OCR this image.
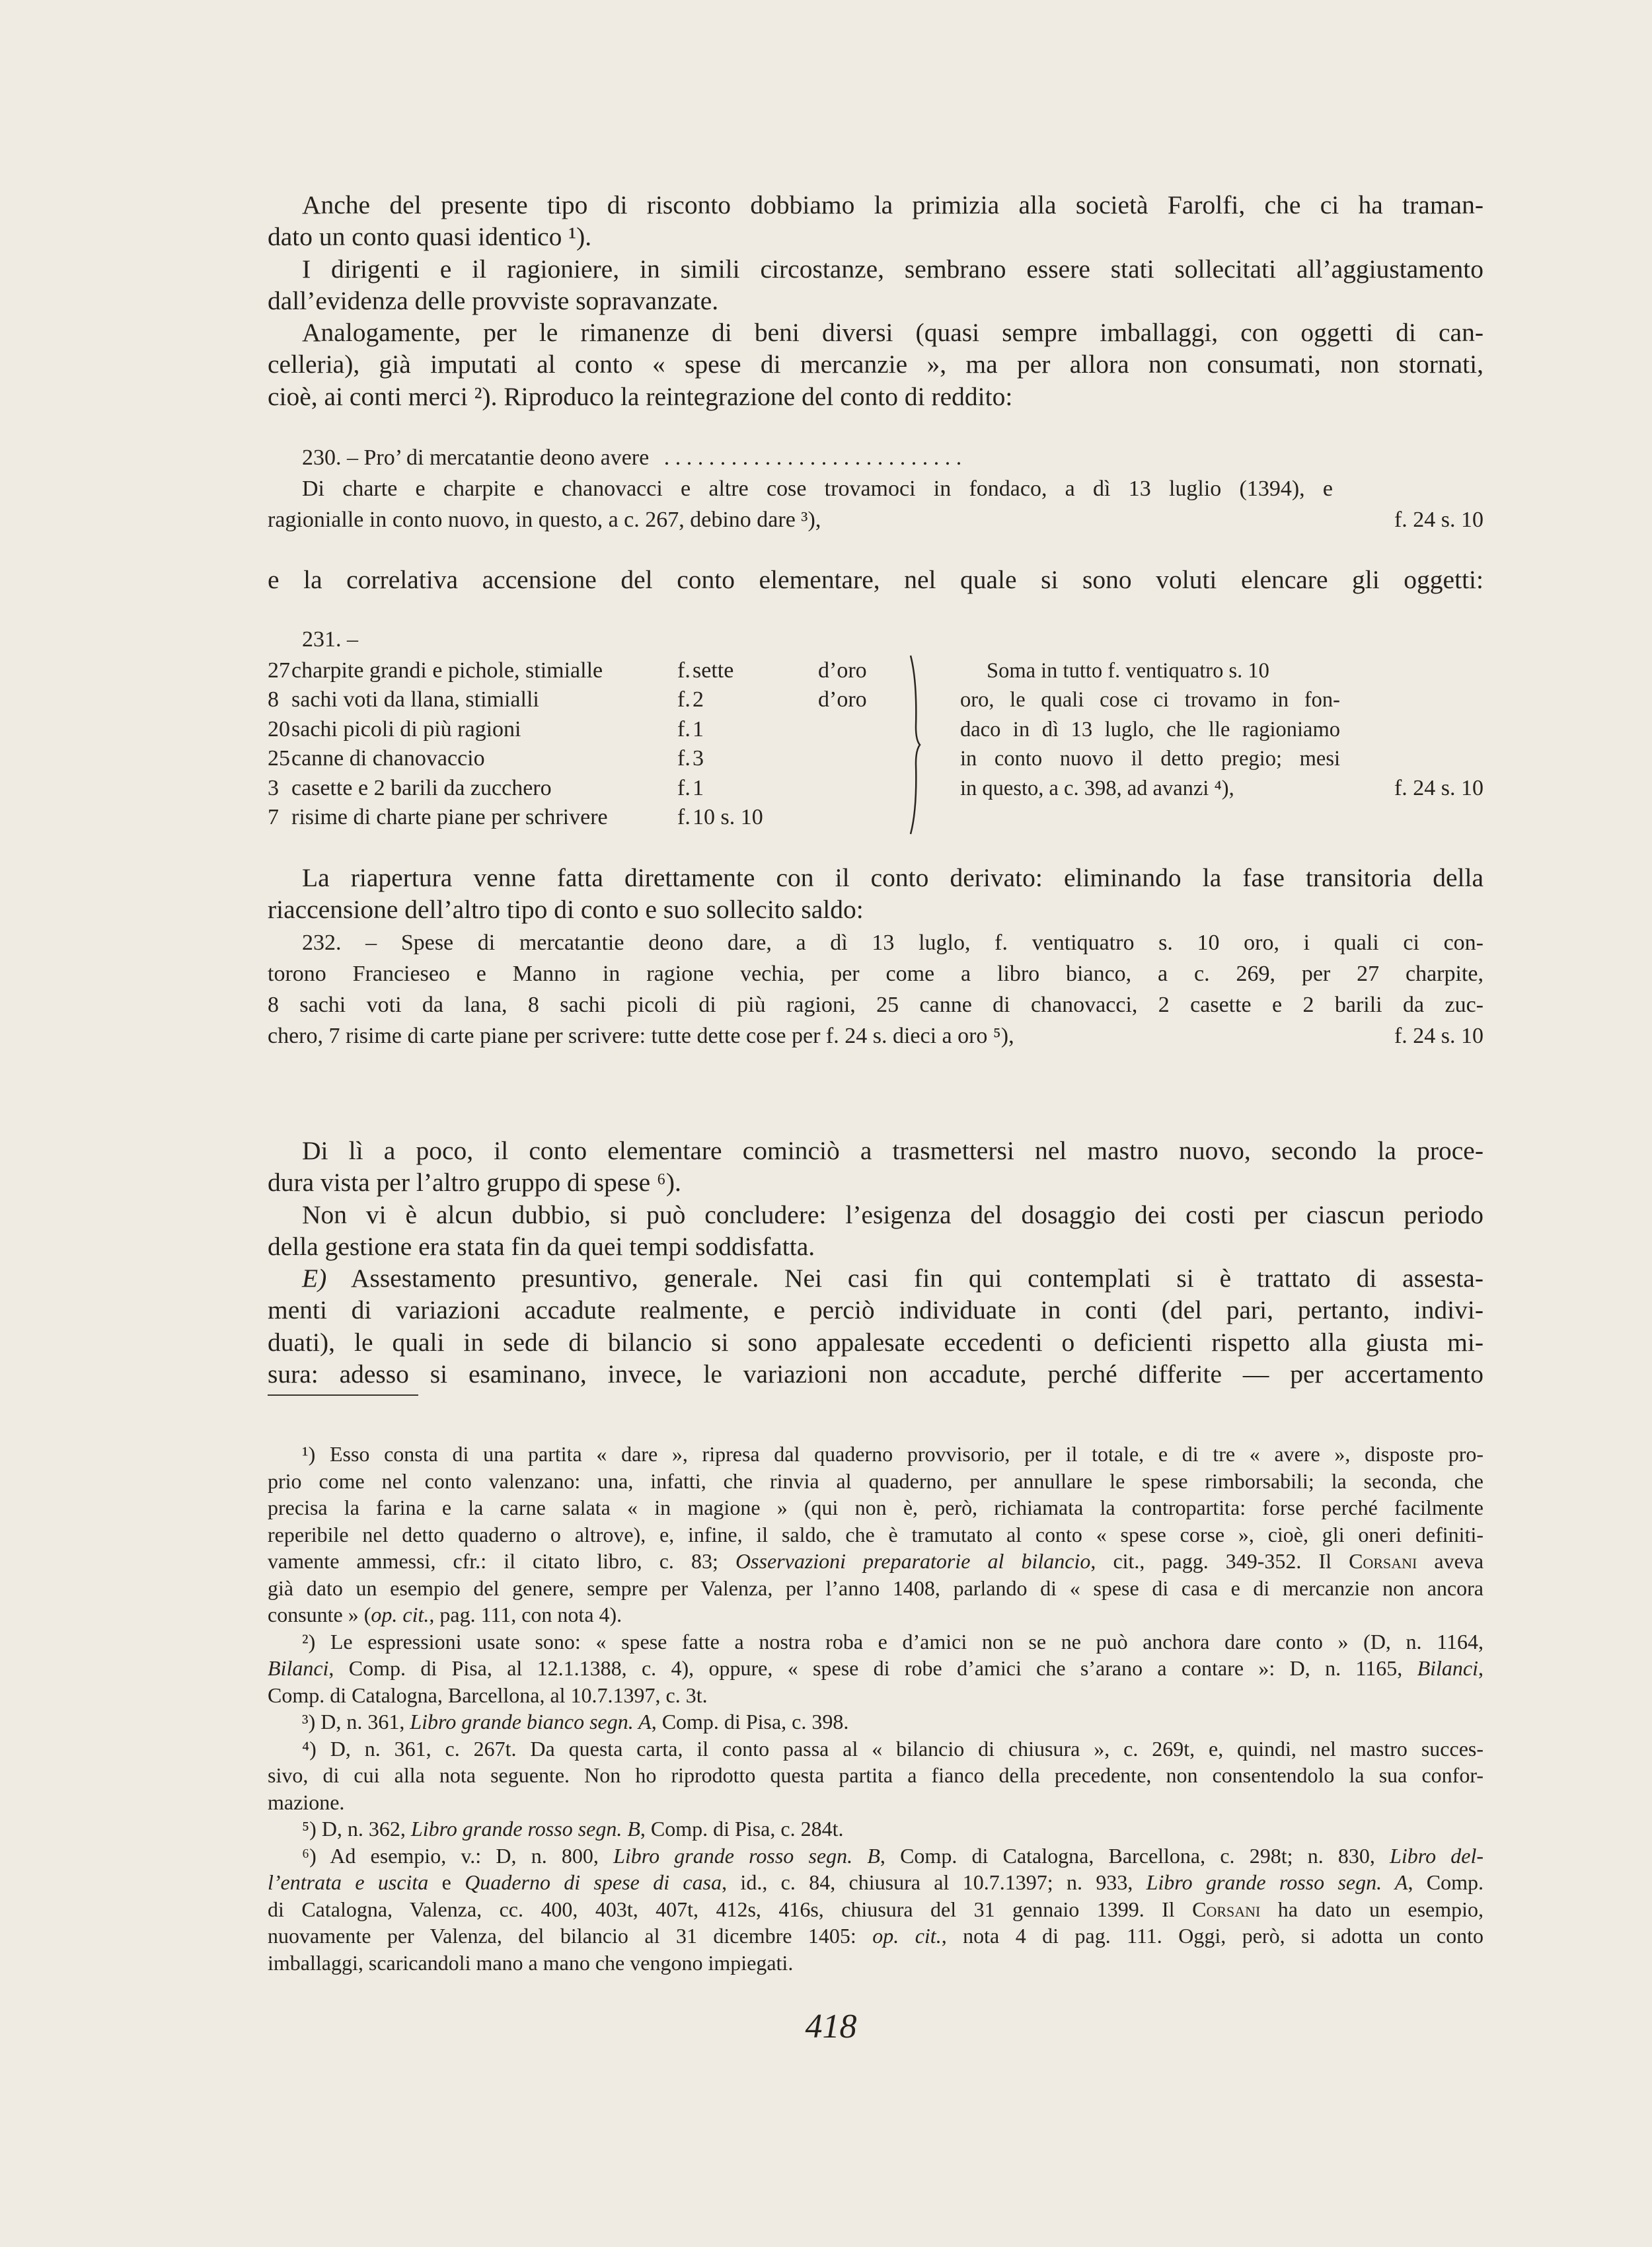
Anche del presente tipo di risconto dobbiamo la primizia alla società Farolfi, che ci ha traman-
dato un conto quasi identico ¹).
I dirigenti e il ragioniere, in simili circostanze, sembrano essere stati sollecitati all’aggiustamento
dall’evidenza delle provviste sopravanzate.
Analogamente, per le rimanenze di beni diversi (quasi sempre imballaggi, con oggetti di can-
celleria), già imputati al conto « spese di mercanzie », ma per allora non consumati, non stornati,
cioè, ai conti merci ²). Riproduco la reintegrazione del conto di reddito:
230. – Pro’ di mercatantie deono avere . . . . . . . . . . . . . . . . . . . . . . . . . . .
Di charte e charpite e chanovacci e altre cose trovamoci in fondaco, a dì 13 luglio (1394), e
ragionialle in conto nuovo, in questo, a c. 267, debino dare ³),	f. 24 s. 10
e la correlativa accensione del conto elementare, nel quale si sono voluti elencare gli oggetti:
231. –
27 charpite grandi e pichole, stimialle	f. sette	d’oro
8 sachi voti da llana, stimialli	f. 2	d’oro
20 sachi picoli di più ragioni	f. 1
25 canne di chanovaccio	f. 3
3 casette e 2 barili da zucchero	f. 1
7 risime di charte piane per schrivere	f. 10 s. 10
Soma in tutto f. ventiquatro s. 10
oro, le quali cose ci trovamo in fon-
daco in dì 13 luglo, che lle ragioniamo
in conto nuovo il detto pregio; mesi
in questo, a c. 398, ad avanzi ⁴),	f. 24 s. 10
La riapertura venne fatta direttamente con il conto derivato: eliminando la fase transitoria della
riaccensione dell’altro tipo di conto e suo sollecito saldo:
232. – Spese di mercatantie deono dare, a dì 13 luglo, f. ventiquatro s. 10 oro, i quali ci con-
torono Francieseo e Manno in ragione vechia, per come a libro bianco, a c. 269, per 27 charpite,
8 sachi voti da lana, 8 sachi picoli di più ragioni, 25 canne di chanovacci, 2 casette e 2 barili da zuc-
chero, 7 risime di carte piane per scrivere: tutte dette cose per f. 24 s. dieci a oro ⁵),	f. 24 s. 10
Di lì a poco, il conto elementare cominciò a trasmettersi nel mastro nuovo, secondo la proce-
dura vista per l’altro gruppo di spese ⁶).
Non vi è alcun dubbio, si può concludere: l’esigenza del dosaggio dei costi per ciascun periodo
della gestione era stata fin da quei tempi soddisfatta.
E) Assestamento presuntivo, generale. Nei casi fin qui contemplati si è trattato di assesta-
menti di variazioni accadute realmente, e perciò individuate in conti (del pari, pertanto, indivi-
duati), le quali in sede di bilancio si sono appalesate eccedenti o deficienti rispetto alla giusta mi-
sura: adesso si esaminano, invece, le variazioni non accadute, perché differite — per accertamento
¹) Esso consta di una partita « dare », ripresa dal quaderno provvisorio, per il totale, e di tre « avere », disposte pro-
prio come nel conto valenzano: una, infatti, che rinvia al quaderno, per annullare le spese rimborsabili; la seconda, che
precisa la farina e la carne salata « in magione » (qui non è, però, richiamata la contropartita: forse perché facilmente
reperibile nel detto quaderno o altrove), e, infine, il saldo, che è tramutato al conto « spese corse », cioè, gli oneri definiti-
vamente ammessi, cfr.: il citato libro, c. 83; Osservazioni preparatorie al bilancio, cit., pagg. 349-352. Il Corsani aveva
già dato un esempio del genere, sempre per Valenza, per l’anno 1408, parlando di « spese di casa e di mercanzie non ancora
consunte » (op. cit., pag. 111, con nota 4).
²) Le espressioni usate sono: « spese fatte a nostra roba e d’amici non se ne può anchora dare conto » (D, n. 1164,
Bilanci, Comp. di Pisa, al 12.1.1388, c. 4), oppure, « spese di robe d’amici che s’arano a contare »: D, n. 1165, Bilanci,
Comp. di Catalogna, Barcellona, al 10.7.1397, c. 3t.
³) D, n. 361, Libro grande bianco segn. A, Comp. di Pisa, c. 398.
⁴) D, n. 361, c. 267t. Da questa carta, il conto passa al « bilancio di chiusura », c. 269t, e, quindi, nel mastro succes-
sivo, di cui alla nota seguente. Non ho riprodotto questa partita a fianco della precedente, non consentendolo la sua confor-
mazione.
⁵) D, n. 362, Libro grande rosso segn. B, Comp. di Pisa, c. 284t.
⁶) Ad esempio, v.: D, n. 800, Libro grande rosso segn. B, Comp. di Catalogna, Barcellona, c. 298t; n. 830, Libro del-
l’entrata e uscita e Quaderno di spese di casa, id., c. 84, chiusura al 10.7.1397; n. 933, Libro grande rosso segn. A, Comp.
di Catalogna, Valenza, cc. 400, 403t, 407t, 412s, 416s, chiusura del 31 gennaio 1399. Il Corsani ha dato un esempio,
nuovamente per Valenza, del bilancio al 31 dicembre 1405: op. cit., nota 4 di pag. 111. Oggi, però, si adotta un conto
imballaggi, scaricandoli mano a mano che vengono impiegati.
418
